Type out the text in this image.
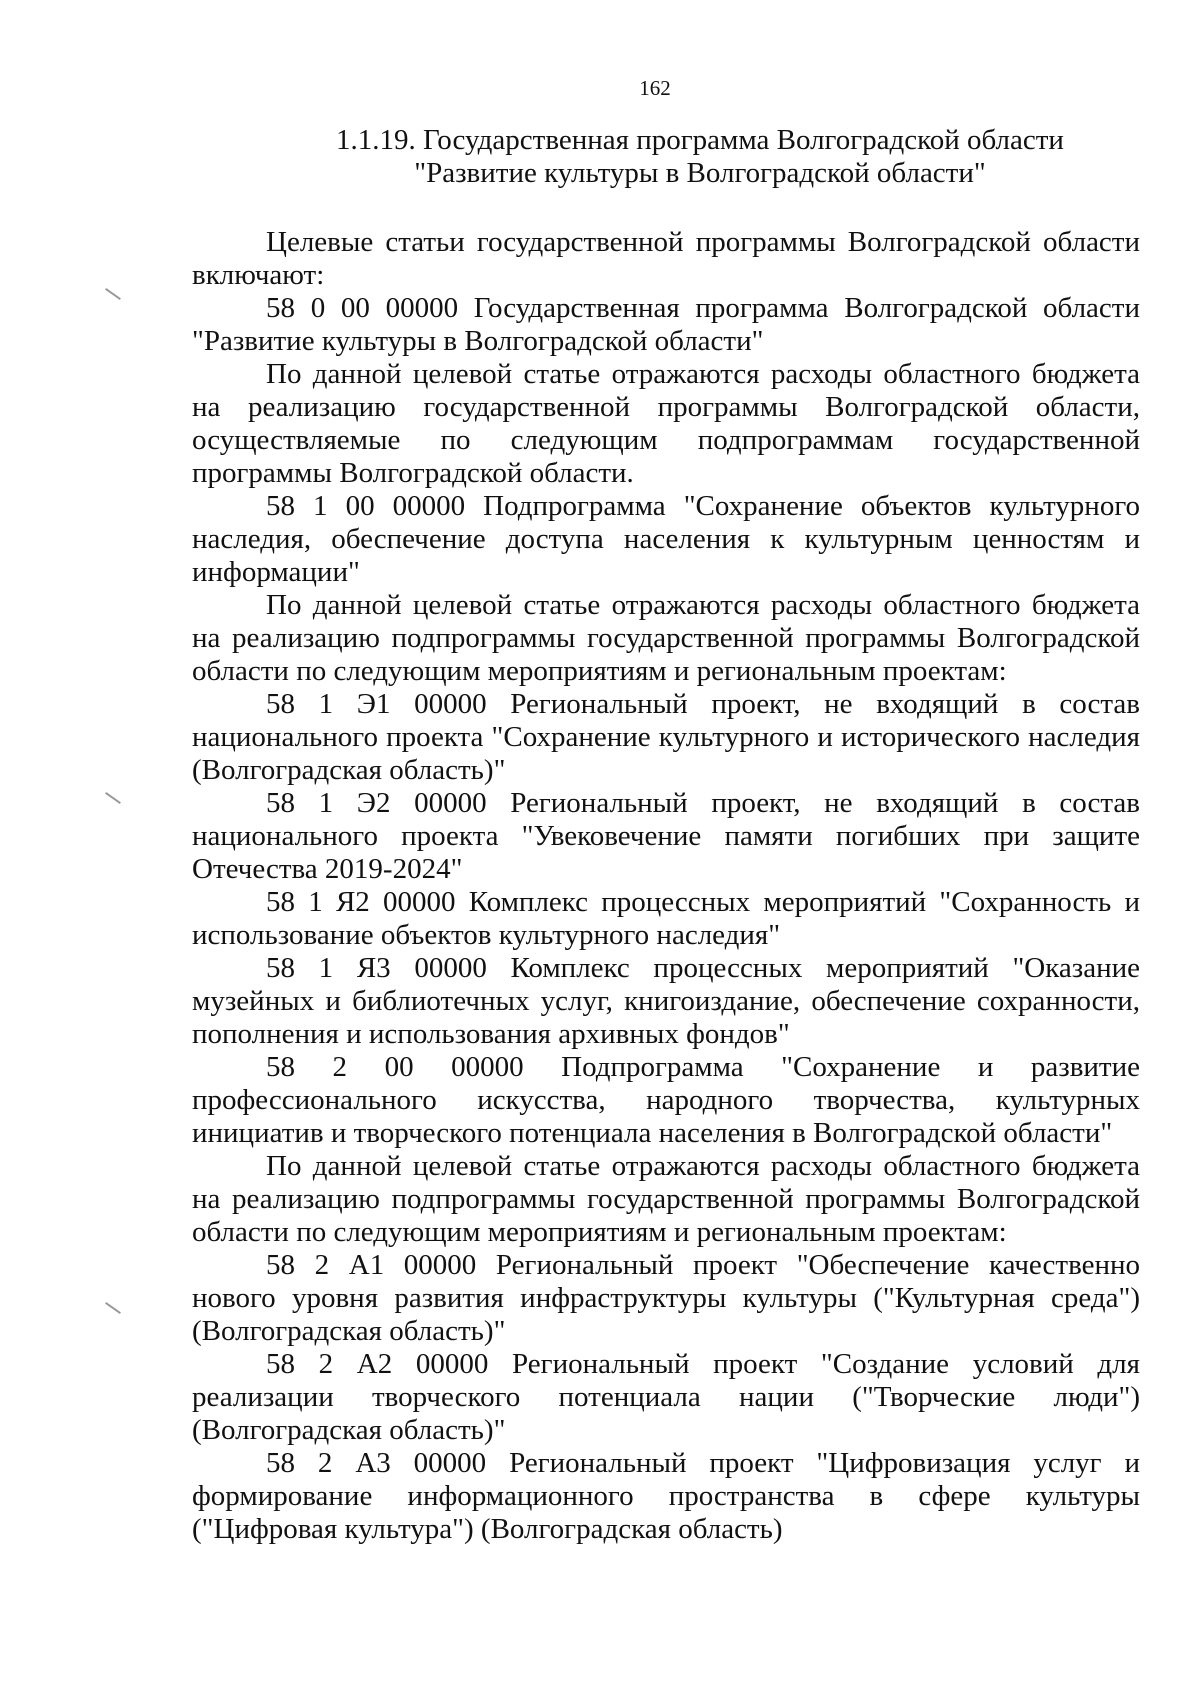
162
1.1.19. Государственная программа Волгоградской области
"Развитие культуры в Волгоградской области"

Целевые статьи государственной программы Волгоградской области включают:

58 0 00 00000 Государственная программа Волгоградской области "Развитие культуры в Волгоградской области"

По данной целевой статье отражаются расходы областного бюджета на реализацию государственной программы Волгоградской области, осуществляемые по следующим подпрограммам государственной программы Волгоградской области.

58 1 00 00000 Подпрограмма "Сохранение объектов культурного наследия, обеспечение доступа населения к культурным ценностям и информации"

По данной целевой статье отражаются расходы областного бюджета на реализацию подпрограммы государственной программы Волгоградской области по следующим мероприятиям и региональным проектам:

58 1 Э1 00000 Региональный проект, не входящий в состав национального проекта "Сохранение культурного и исторического наследия (Волгоградская область)"

58 1 Э2 00000 Региональный проект, не входящий в состав национального проекта "Увековечение памяти погибших при защите Отечества 2019-2024"

58 1 Я2 00000 Комплекс процессных мероприятий "Сохранность и использование объектов культурного наследия"

58 1 Я3 00000 Комплекс процессных мероприятий "Оказание музейных и библиотечных услуг, книгоиздание, обеспечение сохранности, пополнения и использования архивных фондов"

58 2 00 00000 Подпрограмма "Сохранение и развитие профессионального искусства, народного творчества, культурных инициатив и творческого потенциала населения в Волгоградской области"

По данной целевой статье отражаются расходы областного бюджета на реализацию подпрограммы государственной программы Волгоградской области по следующим мероприятиям и региональным проектам:

58 2 А1 00000 Региональный проект "Обеспечение качественно нового уровня развития инфраструктуры культуры ("Культурная среда") (Волгоградская область)"

58 2 А2 00000 Региональный проект "Создание условий для реализации творческого потенциала нации ("Творческие люди") (Волгоградская область)"

58 2 А3 00000 Региональный проект "Цифровизация услуг и формирование информационного пространства в сфере культуры ("Цифровая культура") (Волгоградская область)
